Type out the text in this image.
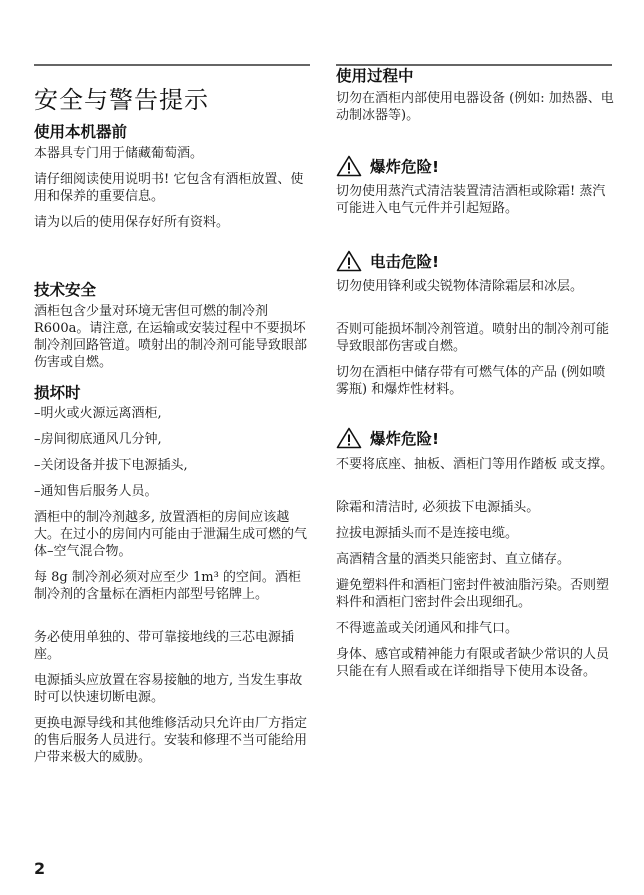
安全与警告提示
使用本机器前

本器具专门用于储藏葡萄酒。

请仔细阅读使用说明书! 它包含有酒柜放置、使用和保养的重要信息。

请为以后的使用保存好所有资料。

技术安全

酒柜包含少量对环境无害但可燃的制冷剂 R600a。请注意, 在运输或安装过程中不要损坏制冷剂回路管道。喷射出的制冷剂可能导致眼部伤害或自燃。

损坏时

–明火或火源远离酒柜,

–房间彻底通风几分钟,

–关闭设备并拔下电源插头,

–通知售后服务人员。

酒柜中的制冷剂越多, 放置酒柜的房间应该越大。在过小的房间内可能由于泄漏生成可燃的气体–空气混合物。

每 8g 制冷剂必须对应至少 1m³ 的空间。酒柜制冷剂的含量标在酒柜内部型号铭牌上。

务必使用单独的、带可靠接地线的三芯电源插座。

电源插头应放置在容易接触的地方, 当发生事故时可以快速切断电源。

更换电源导线和其他维修活动只允许由厂方指定的售后服务人员进行。安装和修理不当可能给用户带来极大的威胁。

使用过程中

切勿在酒柜内部使用电器设备 (例如: 加热器、电动制冰器等)。

爆炸危险!

切勿使用蒸汽式清洁装置清洁酒柜或除霜! 蒸汽可能进入电气元件并引起短路。

电击危险!

切勿使用锋利或尖锐物体清除霜层和冰层。

否则可能损坏制冷剂管道。喷射出的制冷剂可能导致眼部伤害或自燃。

切勿在酒柜中储存带有可燃气体的产品 (例如喷雾瓶) 和爆炸性材料。

爆炸危险!

不要将底座、抽板、酒柜门等用作踏板 或支撑。

除霜和清洁时, 必须拔下电源插头。

拉拔电源插头而不是连接电缆。

高酒精含量的酒类只能密封、直立储存。

避免塑料件和酒柜门密封件被油脂污染。否则塑料件和酒柜门密封件会出现细孔。

不得遮盖或关闭通风和排气口。

身体、感官或精神能力有限或者缺少常识的人员只能在有人照看或在详细指导下使用本设备。

2
